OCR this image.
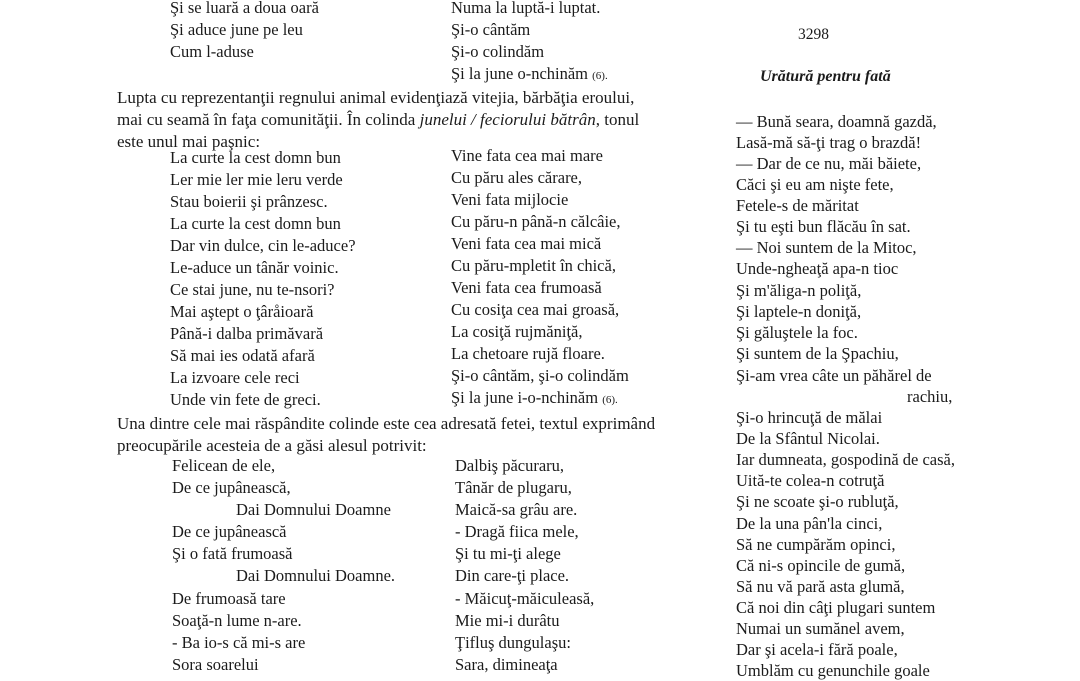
Şi se luară a doua oară
Şi aduce june pe leu
Cum l-aduse
Numa la luptă-i luptat.
Şi-o cântăm
Şi-o colindăm
Şi la june o-nchinăm (6).
3298
Urătură pentru fată
Lupta cu reprezentanţii regnului animal evidenţiază vitejia, bărbăţia eroului,
mai cu seamă în faţa comunităţii. În colinda junelui / feciorului bătrân, tonul
este unul mai paşnic:
La curte la cest domn bun
Ler mie ler mie leru verde
Stau boierii şi prânzesc.
La curte la cest domn bun
Dar vin dulce, cin le-aduce?
Le-aduce un tânăr voinic.
Ce stai june, nu te-nsori?
Mai aştept o ţâråioară
Până-i dalba primăvară
Să mai ies odată afară
La izvoare cele reci
Unde vin fete de greci.
Vine fata cea mai mare
Cu păru ales cărare,
Veni fata mijlocie
Cu păru-n până-n călcâie,
Veni fata cea mai mică
Cu păru-mpletit în chică,
Veni fata cea frumoasă
Cu cosiţa cea mai groasă,
La cosiţă rujmăniţă,
La chetoare rujă floare.
Şi-o cântăm, şi-o colindăm
Şi la june i-o-nchinăm (6).
Una dintre cele mai răspândite colinde este cea adresată fetei, textul exprimând
preocupările acesteia de a găsi alesul potrivit:
Felicean de ele,
De ce jupânească,
Dai Domnului Doamne
De ce jupânească
Şi o fată frumoasă
Dai Domnului Doamne.
De frumoasă tare
Soaţă-n lume n-are.
- Ba io-s că mi-s are
Sora soarelui
Dalbiş păcuraru,
Tânăr de plugaru,
Maică-sa grâu are.
- Dragă fiica mele,
Şi tu mi-ţi alege
Din care-ţi place.
- Măicuţ-măiculeasă,
Mie mi-i durâtu
Ţifluş dungulaşu:
Sara, dimineaţa
— Bună seara, doamnă gazdă,
Lasă-mă să-ţi trag o brazdă!
— Dar de ce nu, măi băiete,
Căci şi eu am nişte fete,
Fetele-s de măritat
Şi tu eşti bun flăcău în sat.
— Noi suntem de la Mitoc,
Unde-ngheaţă apa-n tioc
Şi m'ăliga-n poliţă,
Şi laptele-n doniţă,
Şi găluştele la foc.
Şi suntem de la Şpachiu,
Şi-am vrea câte un păhărel de
rachiu,
Şi-o hrincuţă de mălai
De la Sfântul Nicolai.
Iar dumneata, gospodină de casă,
Uită-te colea-n cotruţă
Şi ne scoate şi-o rubluţă,
De la una pân'la cinci,
Să ne cumpărăm opinci,
Că ni-s opincile de gumă,
Să nu vă pară asta glumă,
Că noi din câţi plugari suntem
Numai un sumănel avem,
Dar şi acela-i fără poale,
Umblăm cu genunchile goale
